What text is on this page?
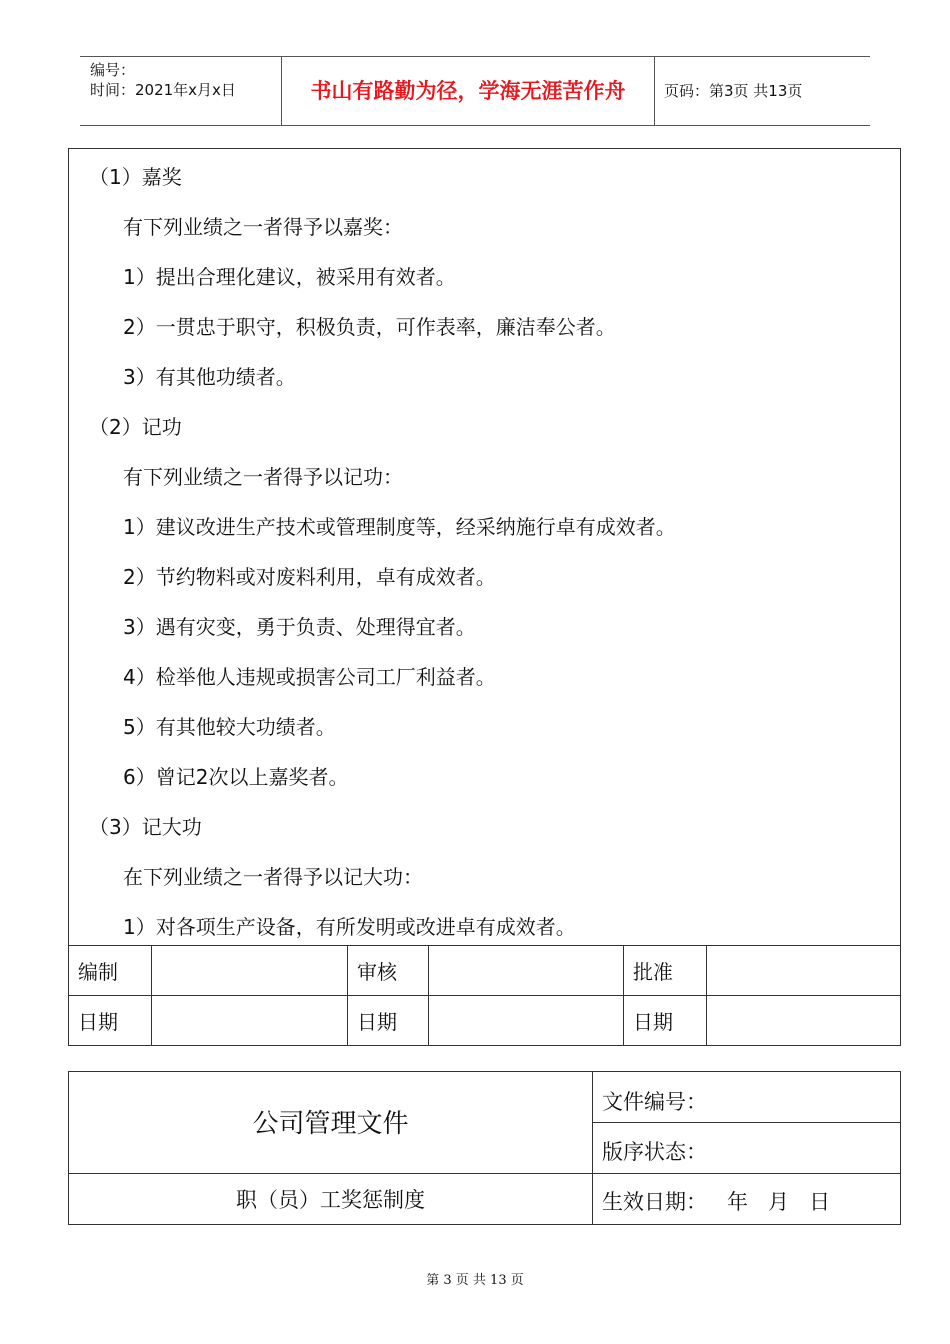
编号：
时间：2021年x月x日	书山有路勤为径，学海无涯苦作舟	页码：第3页 共13页
（1）嘉奖
有下列业绩之一者得予以嘉奖：
1）提出合理化建议，被采用有效者。
2）一贯忠于职守，积极负责，可作表率，廉洁奉公者。
3）有其他功绩者。
（2）记功
有下列业绩之一者得予以记功：
1）建议改进生产技术或管理制度等，经采纳施行卓有成效者。
2）节约物料或对废料利用，卓有成效者。
3）遇有灾变，勇于负责、处理得宜者。
4）检举他人违规或损害公司工厂利益者。
5）有其他较大功绩者。
6）曾记2次以上嘉奖者。
（3）记大功
在下列业绩之一者得予以记大功：
1）对各项生产设备，有所发明或改进卓有成效者。
编制		审核		批准	
日期		日期		日期	
公司管理文件
文件编号：
版序状态：
职（员）工奖惩制度	生效日期：   年   月   日
第 3 页 共 13 页
